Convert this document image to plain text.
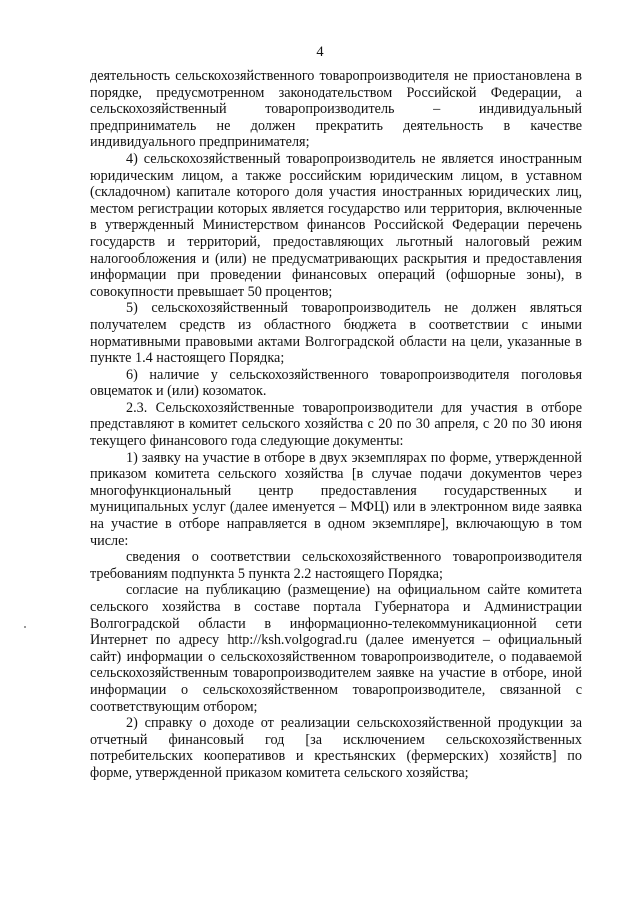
4

деятельность сельскохозяйственного товаропроизводителя не приостановлена в порядке, предусмотренном законодательством Российской Федерации, а сельскохозяйственный товаропроизводитель – индивидуальный предприниматель не должен прекратить деятельность в качестве индивидуального предпринимателя;

4) сельскохозяйственный товаропроизводитель не является иностранным юридическим лицом, а также российским юридическим лицом, в уставном (складочном) капитале которого доля участия иностранных юридических лиц, местом регистрации которых является государство или территория, включенные в утвержденный Министерством финансов Российской Федерации перечень государств и территорий, предоставляющих льготный налоговый режим налогообложения и (или) не предусматривающих раскрытия и предоставления информации при проведении финансовых операций (офшорные зоны), в совокупности превышает 50 процентов;

5) сельскохозяйственный товаропроизводитель не должен являться получателем средств из областного бюджета в соответствии с иными нормативными правовыми актами Волгоградской области на цели, указанные в пункте 1.4 настоящего Порядка;

6) наличие у сельскохозяйственного товаропроизводителя поголовья овцематок и (или) козоматок.

2.3. Сельскохозяйственные товаропроизводители для участия в отборе представляют в комитет сельского хозяйства с 20 по 30 апреля, с 20 по 30 июня текущего финансового года следующие документы:

1) заявку на участие в отборе в двух экземплярах по форме, утвержденной приказом комитета сельского хозяйства [в случае подачи документов через многофункциональный центр предоставления государственных и муниципальных услуг (далее именуется – МФЦ) или в электронном виде заявка на участие в отборе направляется в одном экземпляре], включающую в том числе:

сведения о соответствии сельскохозяйственного товаропроизводителя требованиям подпункта 5 пункта 2.2 настоящего Порядка;

согласие на публикацию (размещение) на официальном сайте комитета сельского хозяйства в составе портала Губернатора и Администрации Волгоградской области в информационно-телекоммуникационной сети Интернет по адресу http://ksh.volgograd.ru (далее именуется – официальный сайт) информации о сельскохозяйственном товаропроизводителе, о подаваемой сельскохозяйственным товаропроизводителем заявке на участие в отборе, иной информации о сельскохозяйственном товаропроизводителе, связанной с соответствующим отбором;

2) справку о доходе от реализации сельскохозяйственной продукции за отчетный финансовый год [за исключением сельскохозяйственных потребительских кооперативов и крестьянских (фермерских) хозяйств] по форме, утвержденной приказом комитета сельского хозяйства;
